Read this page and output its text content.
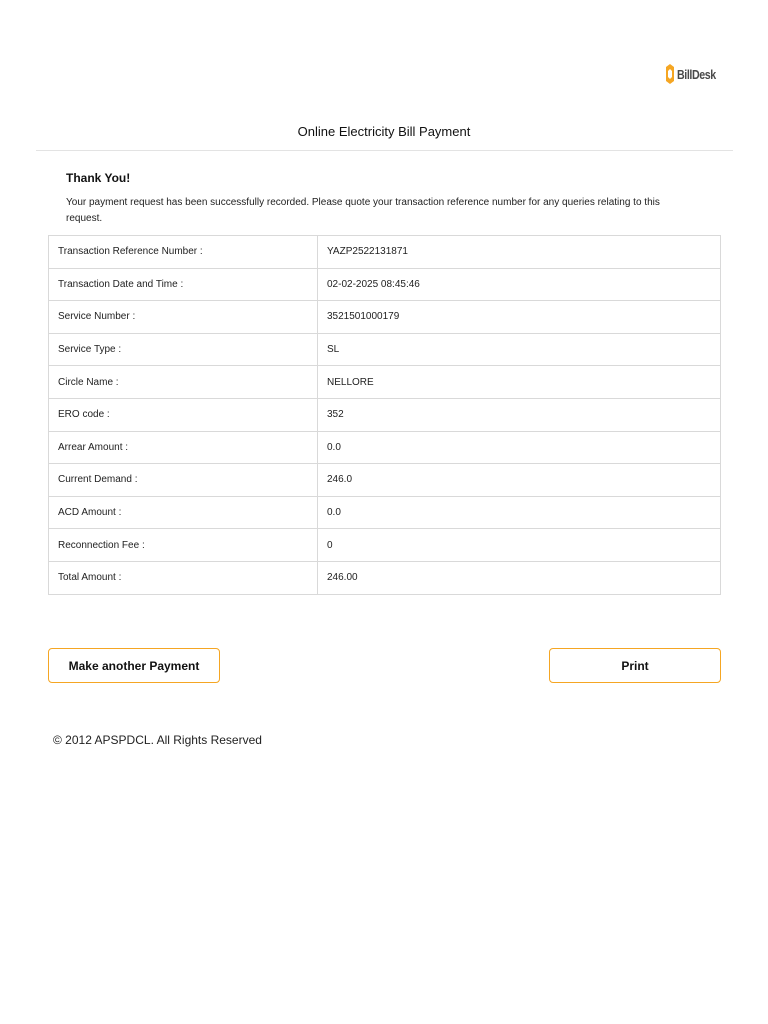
BillDesk
Online Electricity Bill Payment
Thank You!
Your payment request has been successfully recorded. Please quote your transaction reference number for any queries relating to this request.
Transaction Reference Number :	YAZP2522131871
Transaction Date and Time :	02-02-2025 08:45:46
Service Number :	3521501000179
Service Type :	SL
Circle Name :	NELLORE
ERO code :	352
Arrear Amount :	0.0
Current Demand :	246.0
ACD Amount :	0.0
Reconnection Fee :	0
Total Amount :	246.00
Make another Payment	Print
© 2012 APSPDCL. All Rights Reserved
